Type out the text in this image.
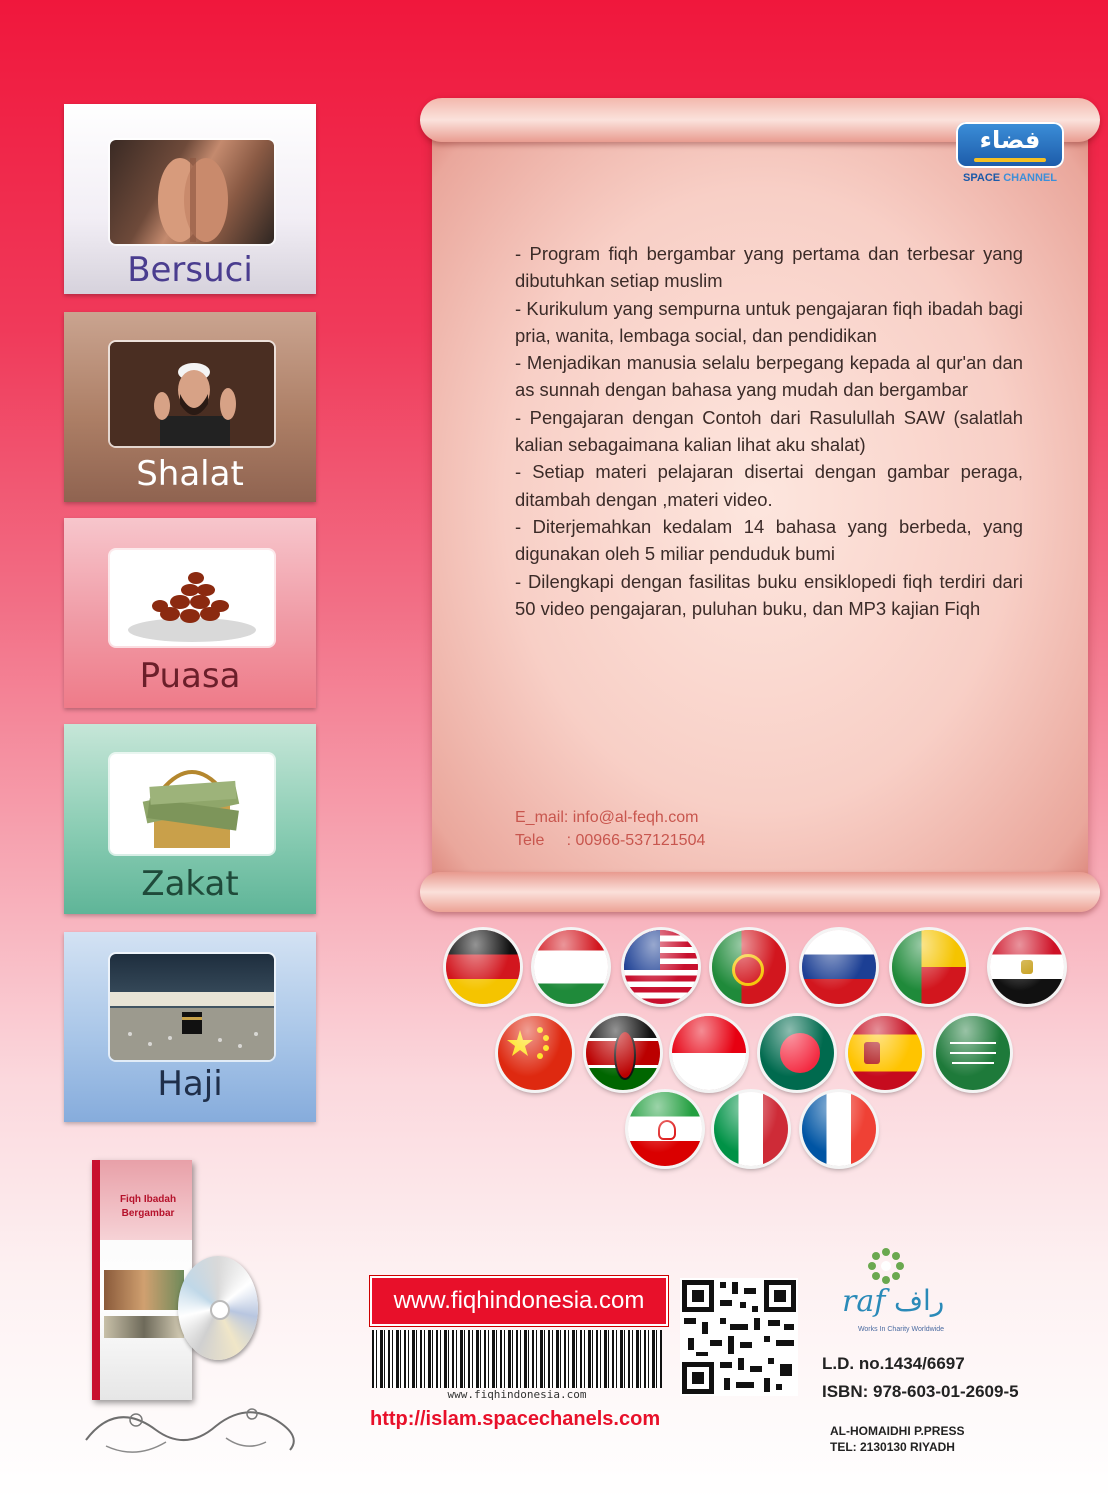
Bersuci
Shalat
Puasa
Zakat
Haji
فضاء
SPACE CHANNEL

- Program fiqh bergambar yang pertama dan terbesar yang dibutuhkan setiap muslim

- Kurikulum yang sempurna untuk pengajaran fiqh ibadah bagi pria, wanita, lembaga social, dan pendidikan

- Menjadikan manusia selalu berpegang kepada al qur'an dan as sunnah dengan bahasa yang mudah dan bergambar

- Pengajaran dengan Contoh dari Rasulullah SAW (salatlah kalian sebagaimana kalian lihat aku shalat)

- Setiap materi pelajaran disertai dengan gambar peraga, ditambah dengan ,materi video.

- Diterjemahkan kedalam 14 bahasa yang berbeda, yang digunakan oleh 5 miliar penduduk bumi

- Dilengkapi dengan fasilitas buku ensiklopedi fiqh terdiri dari 50 video pengajaran, puluhan buku, dan MP3 kajian Fiqh

E_mail: info@al-feqh.com
Tele     : 00966-537121504
Fiqh Ibadah
Bergambar
www.fiqhindonesia.com
www.fiqhindonesia.com
http://islam.spacechanels.com
raf راف
Works In Charity Worldwide
L.D. no.1434/6697
ISBN: 978-603-01-2609-5
AL-HOMAIDHI P.PRESS
TEL: 2130130 RIYADH
